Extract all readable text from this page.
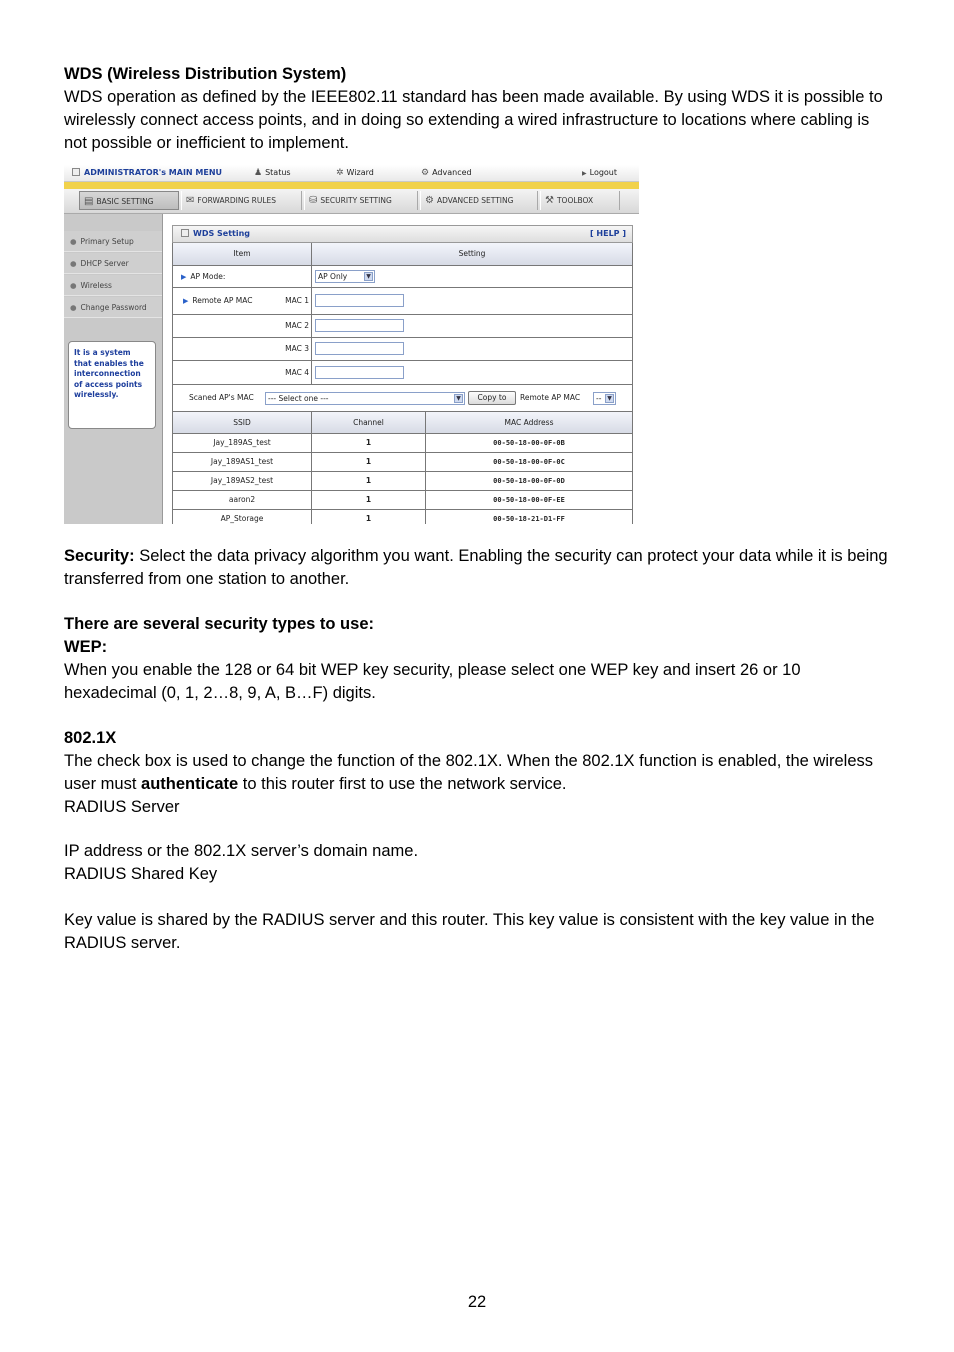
WDS (Wireless Distribution System)

WDS operation as defined by the IEEE802.11 standard has been made available. By using WDS it is possible to wirelessly connect access points, and in doing so extending a wired infrastructure to locations where cabling is not possible or inefficient to implement.

ADMINISTRATOR's MAIN MENU	♟ Status	✲ Wizard	⚙ Advanced	▶ Logout
▤ BASIC SETTING	✉ FORWARDING RULES	⛁ SECURITY SETTING	⚙ ADVANCED SETTING	⚒ TOOLBOX
● Primary Setup
● DHCP Server
● Wireless
● Change Password
It is a system that enables the interconnection of access points wirelessly.
WDS Setting	[ HELP ]
Item	Setting
▶ AP Mode:	AP Only	▼
▶ Remote AP MAC	MAC 1
MAC 2
MAC 3
MAC 4
Scaned AP's MAC	--- Select one ---	▼	Copy to	Remote AP MAC	-- ▼
SSID	Channel	MAC Address
Jay_189AS_test	1	00-50-18-00-0F-0B
Jay_189AS1_test	1	00-50-18-00-0F-0C
Jay_189AS2_test	1	00-50-18-00-0F-0D
aaron2	1	00-50-18-00-0F-EE
AP_Storage	1	00-50-18-21-D1-FF

Security: Select the data privacy algorithm you want. Enabling the security can protect your data while it is being transferred from one station to another.

There are several security types to use:

WEP:

When you enable the 128 or 64 bit WEP key security, please select one WEP key and insert 26 or 10 hexadecimal (0, 1, 2…8, 9, A, B…F) digits.

802.1X

The check box is used to change the function of the 802.1X. When the 802.1X function is enabled, the wireless user must authenticate to this router first to use the network service.

RADIUS Server

IP address or the 802.1X server’s domain name.

RADIUS Shared Key

Key value is shared by the RADIUS server and this router. This key value is consistent with the key value in the RADIUS server.

22
